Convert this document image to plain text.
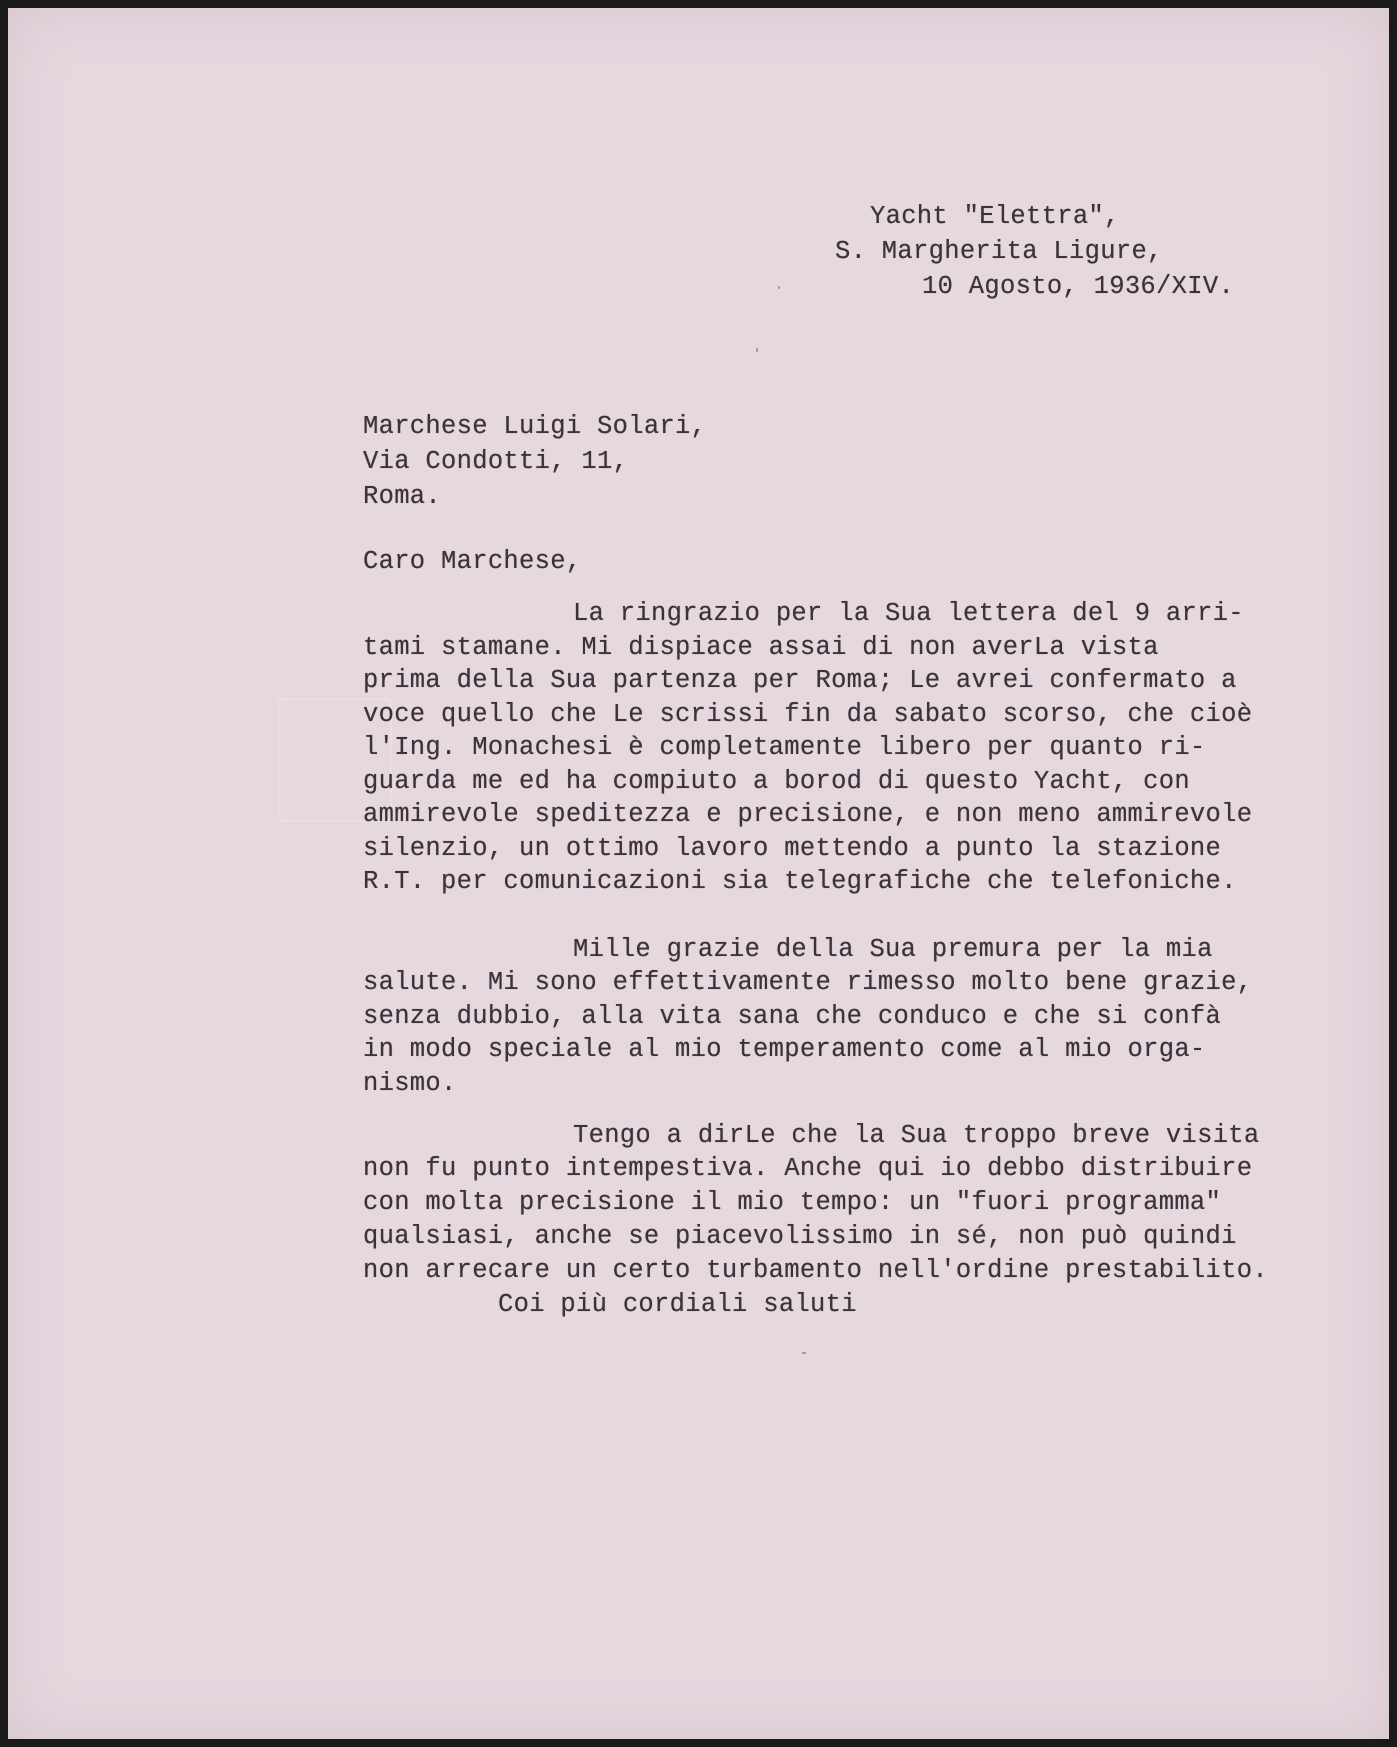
Yacht "Elettra",
S. Margherita Ligure,
10 Agosto, 1936/XIV.
Marchese Luigi Solari,
Via Condotti, 11,
Roma.
Caro Marchese,
La ringrazio per la Sua lettera del 9 arri-
tami stamane. Mi dispiace assai di non averLa vista
prima della Sua partenza per Roma; Le avrei confermato a
voce quello che Le scrissi fin da sabato scorso, che cioè
l'Ing. Monachesi è completamente libero per quanto ri-
guarda me ed ha compiuto a borod di questo Yacht, con
ammirevole speditezza e precisione, e non meno ammirevole
silenzio, un ottimo lavoro mettendo a punto la stazione
R.T. per comunicazioni sia telegrafiche che telefoniche.
Mille grazie della Sua premura per la mia
salute. Mi sono effettivamente rimesso molto bene grazie,
senza dubbio, alla vita sana che conduco e che si confà
in modo speciale al mio temperamento come al mio orga-
nismo.
Tengo a dirLe che la Sua troppo breve visita
non fu punto intempestiva. Anche qui io debbo distribuire
con molta precisione il mio tempo: un "fuori programma"
qualsiasi, anche se piacevolissimo in sé, non può quindi
non arrecare un certo turbamento nell'ordine prestabilito.
Coi più cordiali saluti
